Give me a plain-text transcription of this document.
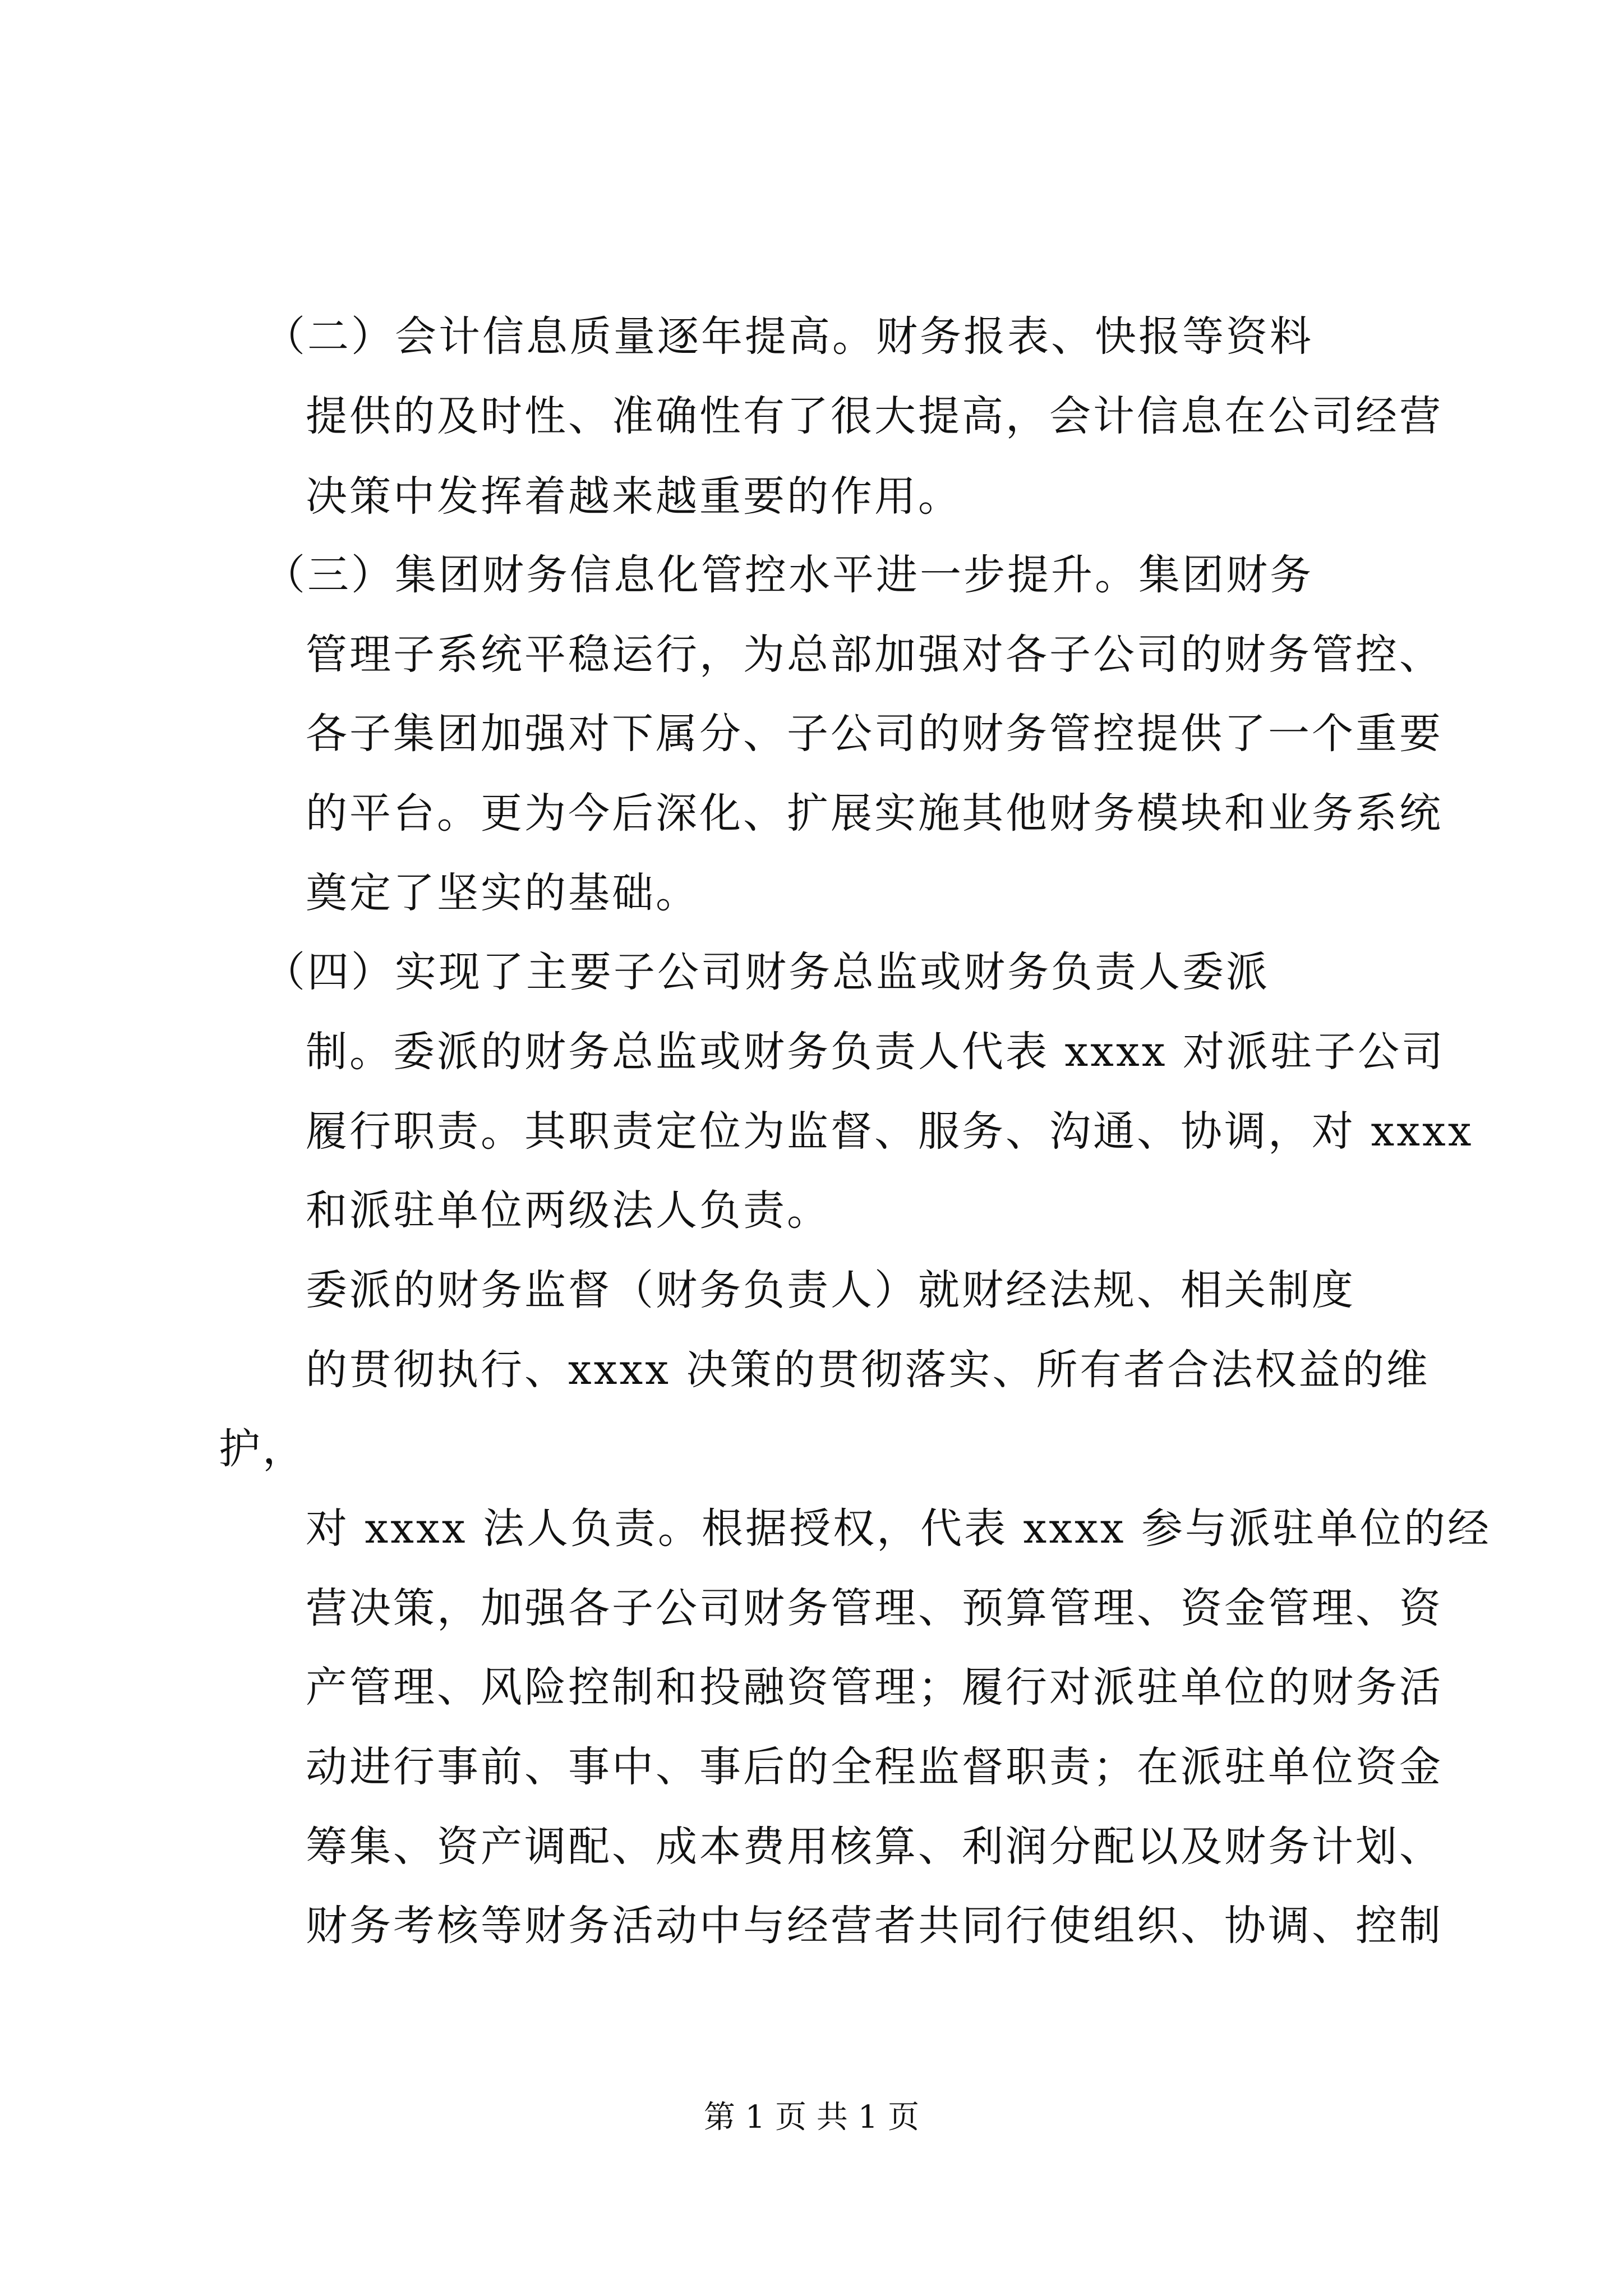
（二）会计信息质量逐年提高。财务报表、快报等资料
提供的及时性、准确性有了很大提高，会计信息在公司经营
决策中发挥着越来越重要的作用。
（三）集团财务信息化管控水平进一步提升。集团财务
管理子系统平稳运行，为总部加强对各子公司的财务管控、
各子集团加强对下属分、子公司的财务管控提供了一个重要
的平台。更为今后深化、扩展实施其他财务模块和业务系统
奠定了坚实的基础。
（四）实现了主要子公司财务总监或财务负责人委派
制。委派的财务总监或财务负责人代表 xxxx 对派驻子公司
履行职责。其职责定位为监督、服务、沟通、协调，对 xxxx
和派驻单位两级法人负责。
委派的财务监督（财务负责人）就财经法规、相关制度
的贯彻执行、xxxx 决策的贯彻落实、所有者合法权益的维
护，
对 xxxx 法人负责。根据授权，代表 xxxx 参与派驻单位的经
营决策，加强各子公司财务管理、预算管理、资金管理、资
产管理、风险控制和投融资管理；履行对派驻单位的财务活
动进行事前、事中、事后的全程监督职责；在派驻单位资金
筹集、资产调配、成本费用核算、利润分配以及财务计划、
财务考核等财务活动中与经营者共同行使组织、协调、控制
第 1 页 共 1 页
